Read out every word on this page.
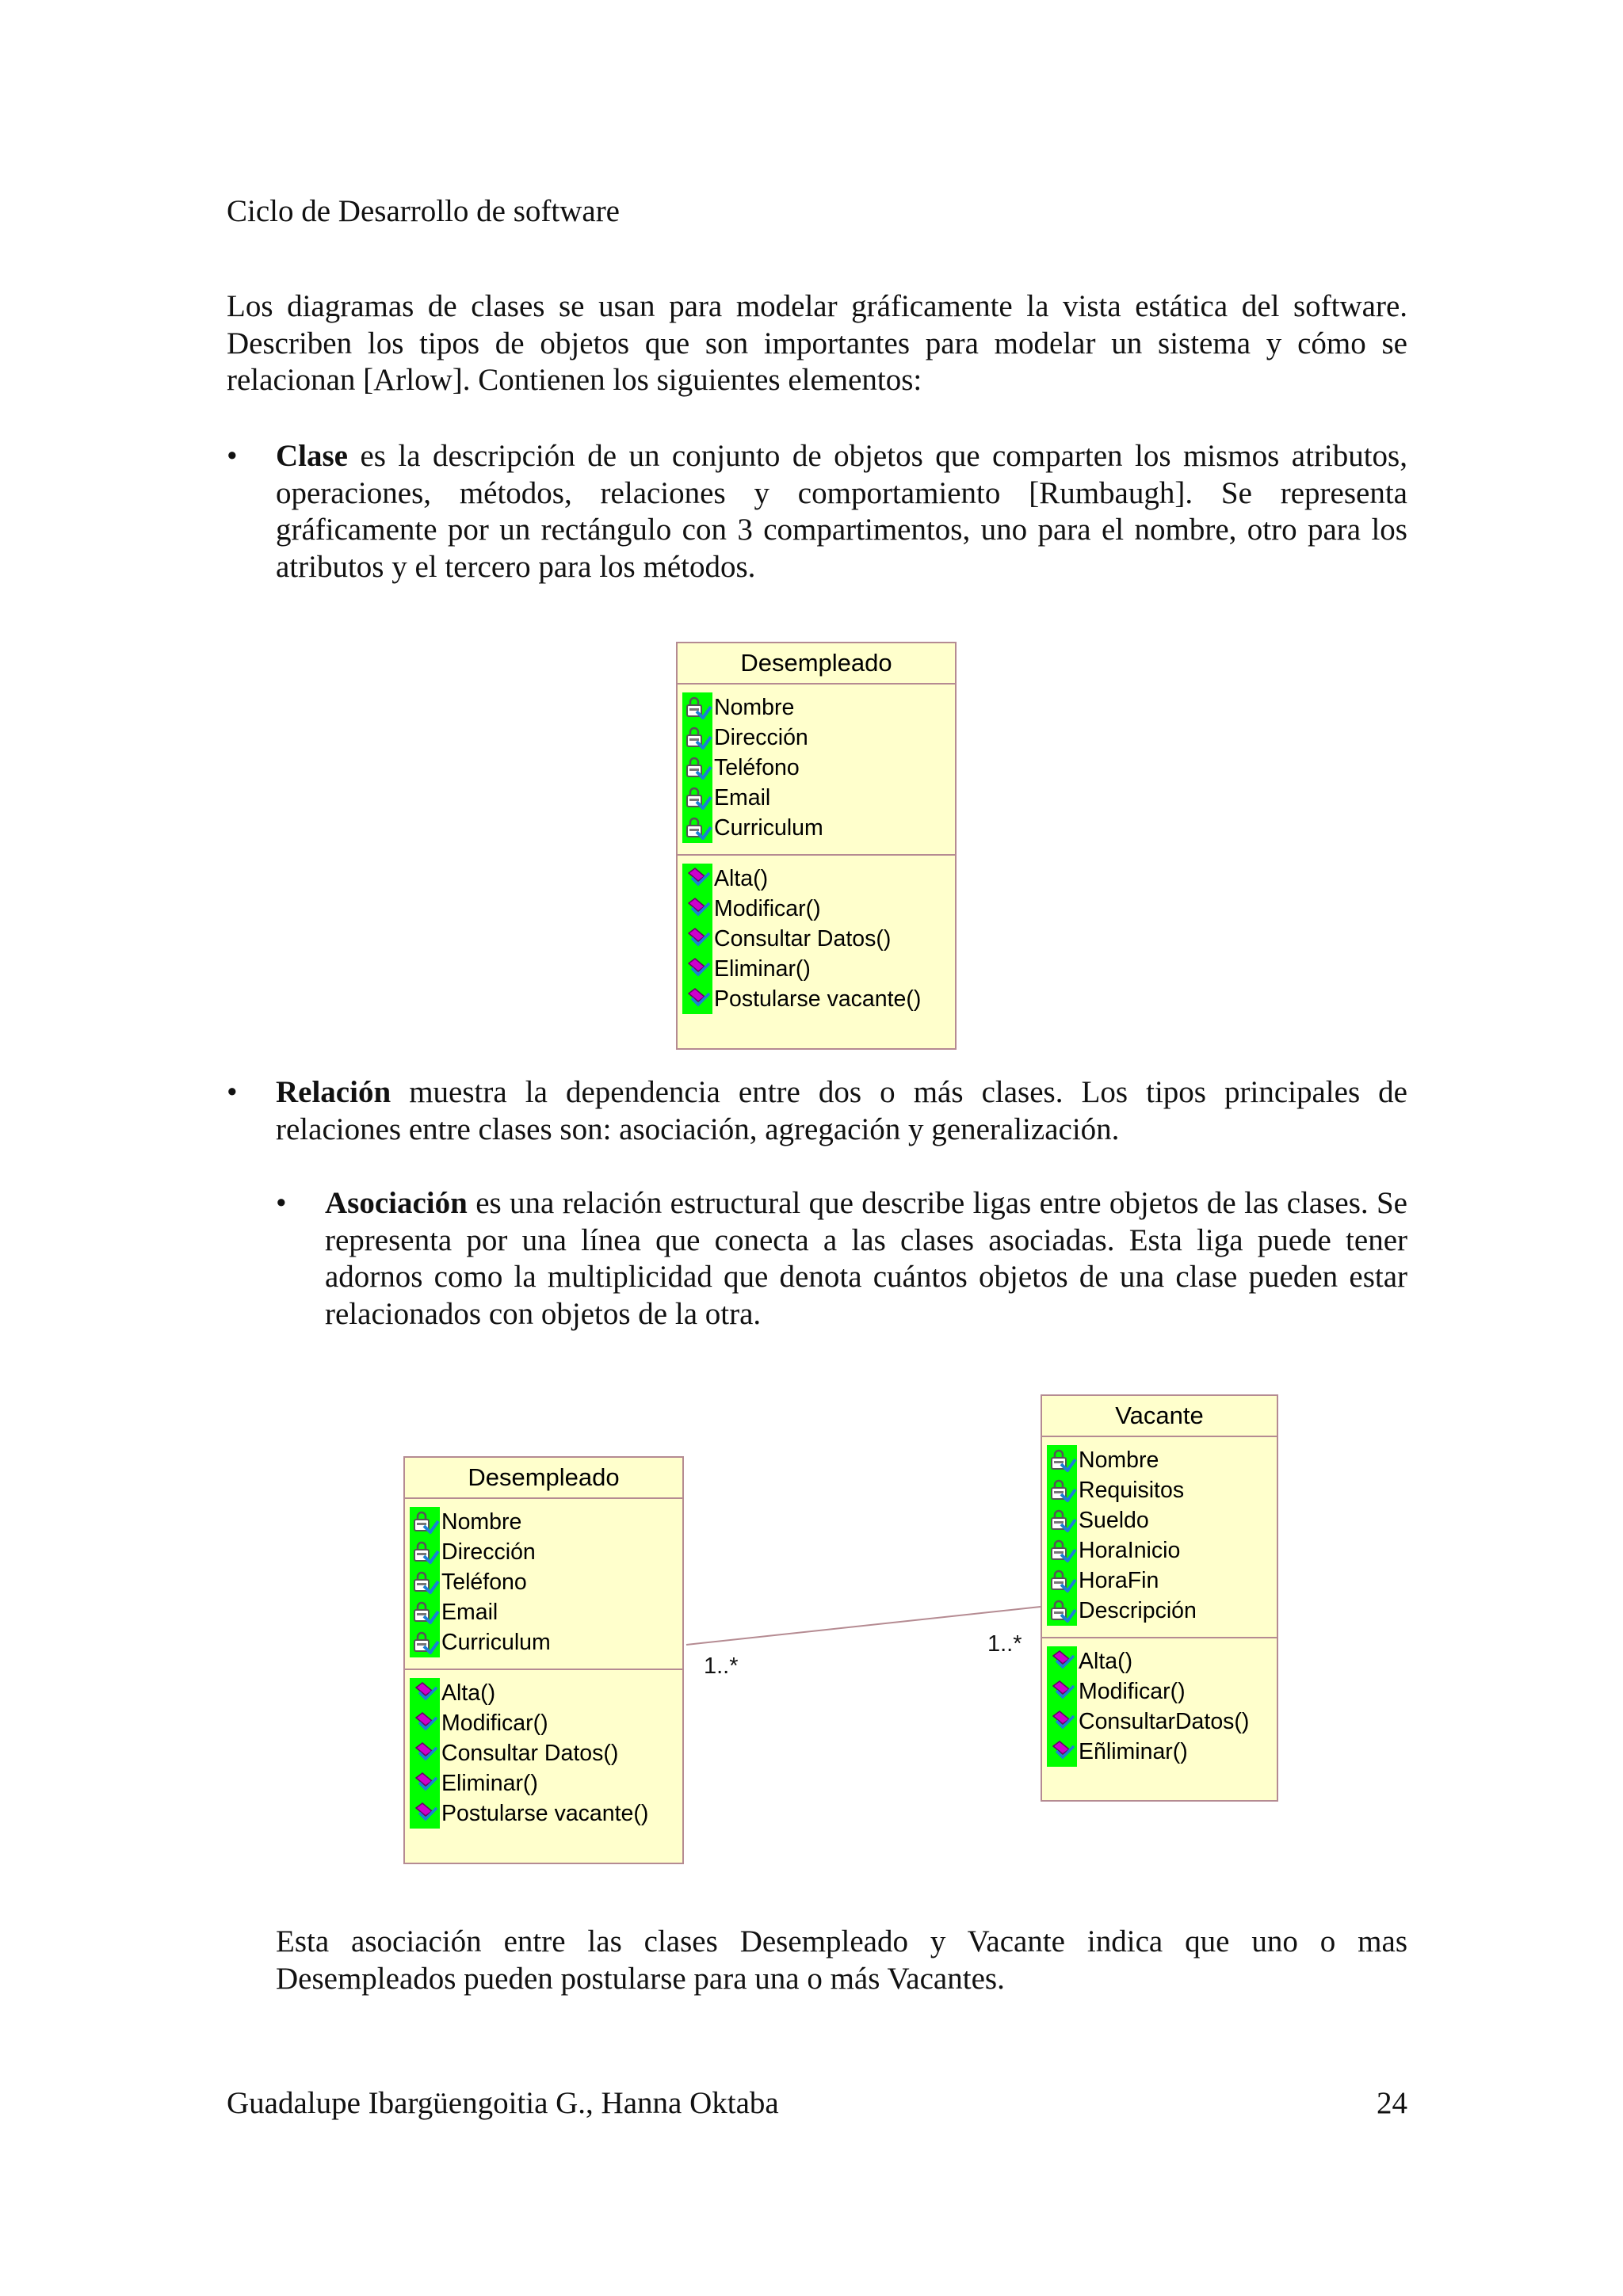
Ciclo de Desarrollo de software
Los diagramas de clases se usan para modelar gráficamente la vista estática del software. Describen los tipos de objetos que son importantes para modelar un sistema y cómo se relacionan [Arlow]. Contienen los siguientes elementos:
• Clase es la descripción de un conjunto de objetos que comparten los mismos atributos, operaciones, métodos, relaciones y comportamiento [Rumbaugh]. Se representa gráficamente por un rectángulo con 3 compartimentos, uno para el nombre, otro para los atributos y el tercero para los métodos.
Desempleado
Nombre
Dirección
Teléfono
Email
Curriculum
Alta()
Modificar()
Consultar Datos()
Eliminar()
Postularse vacante()
• Relación muestra la dependencia entre dos o más clases. Los tipos principales de relaciones entre clases son: asociación, agregación y generalización.
• Asociación es una relación estructural que describe ligas entre objetos de las clases. Se representa por una línea que conecta a las clases asociadas. Esta liga puede tener adornos como la multiplicidad que denota cuántos objetos de una clase pueden estar relacionados con objetos de la otra.
Desempleado
Nombre
Dirección
Teléfono
Email
Curriculum
Alta()
Modificar()
Consultar Datos()
Eliminar()
Postularse vacante()
Vacante
Nombre
Requisitos
Sueldo
HoraInicio
HoraFin
Descripción
Alta()
Modificar()
ConsultarDatos()
Eñliminar()
1..*
1..*
Esta asociación entre las clases Desempleado y Vacante indica que uno o mas Desempleados pueden postularse para una o más Vacantes.
Guadalupe Ibargüengoitia G., Hanna Oktaba	24
